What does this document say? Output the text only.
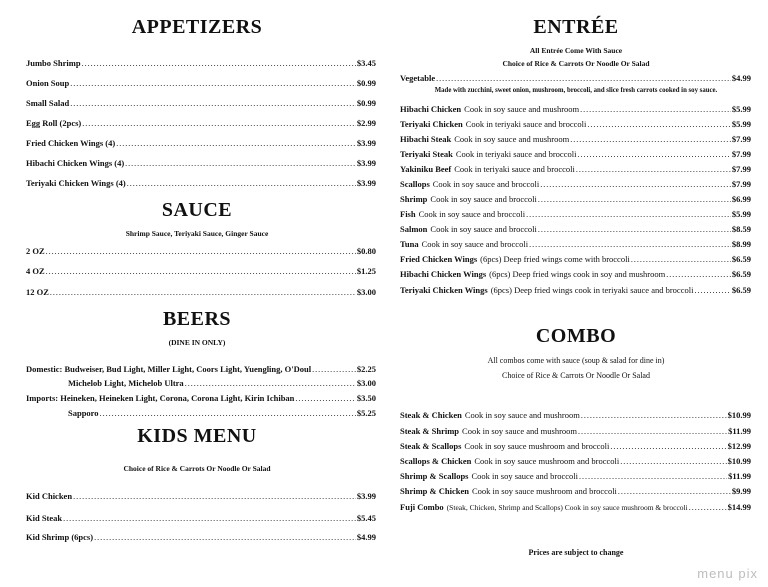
APPETIZERS
Jumbo Shrimp .....	$3.45
Onion Soup .....	$0.99
Small Salad .....	$0.99
Egg Roll (2pcs) .....	$2.99
Fried Chicken Wings (4) .....	$3.99
Hibachi Chicken Wings (4) .....	$3.99
Teriyaki Chicken Wings (4) .....	$3.99
SAUCE
Shrimp Sauce, Teriyaki Sauce, Ginger Sauce
2 OZ .....	$0.80
4 OZ .....	$1.25
12 OZ .....	$3.00
BEERS
(DINE IN ONLY)
Domestic: Budweiser, Bud Light, Miller Light, Coors Light, Yuengling, O'Doul .....	$2.25
Michelob Light, Michelob Ultra .....	$3.00
Imports: Heineken, Heineken Light, Corona, Corona Light, Kirin Ichiban .....	$3.50
Sapporo .....	$5.25
KIDS MENU
Choice of Rice & Carrots Or Noodle Or Salad
Kid Chicken .....	$3.99
Kid Steak .....	$5.45
Kid Shrimp (6pcs) .....	$4.99
ENTRÉE
All Entrée Come With Sauce
Choice of Rice & Carrots Or Noodle Or Salad
Made with zucchini, sweet onion, mushroom, broccoli, and slice fresh carrots cooked in soy sauce.
Vegetable .....	$4.99
Hibachi Chicken Cook in soy sauce and mushroom .....	$5.99
Teriyaki Chicken Cook in teriyaki sauce and broccoli .....	$5.99
Hibachi Steak Cook in soy sauce and mushroom .....	$7.99
Teriyaki Steak Cook in teriyaki sauce and broccoli .....	$7.99
Yakiniku Beef Cook in teriyaki sauce and broccoli .....	$7.99
Scallops Cook in soy sauce and broccoli .....	$7.99
Shrimp Cook in soy sauce and broccoli .....	$6.99
Fish Cook in soy sauce and broccoli .....	$5.99
Salmon Cook in soy sauce and broccoli .....	$8.59
Tuna Cook in soy sauce and broccoli .....	$8.99
Fried Chicken Wings (6pcs) Deep fried wings come with broccoli .....	$6.59
Hibachi Chicken Wings (6pcs) Deep fried wings cook in soy and mushroom .....	$6.59
Teriyaki Chicken Wings (6pcs) Deep fried wings cook in teriyaki sauce and broccoli .....	$6.59
COMBO
All combos come with sauce (soup & salad for dine in)
Choice of Rice & Carrots Or Noodle Or Salad
Steak & Chicken Cook in soy sauce and mushroom .....	$10.99
Steak & Shrimp Cook in soy sauce and mushroom .....	$11.99
Steak & Scallops Cook in soy sauce mushroom and broccoli .....	$12.99
Scallops & Chicken Cook in soy sauce mushroom and broccoli .....	$10.99
Shrimp & Scallops Cook in soy sauce and broccoli .....	$11.99
Shrimp & Chicken Cook in soy sauce mushroom and broccoli .....	$9.99
Fuji Combo (Steak, Chicken, Shrimp and Scallops) Cook in soy sauce mushroom & broccoli .....	$14.99
Prices are subject to change
menu pix
